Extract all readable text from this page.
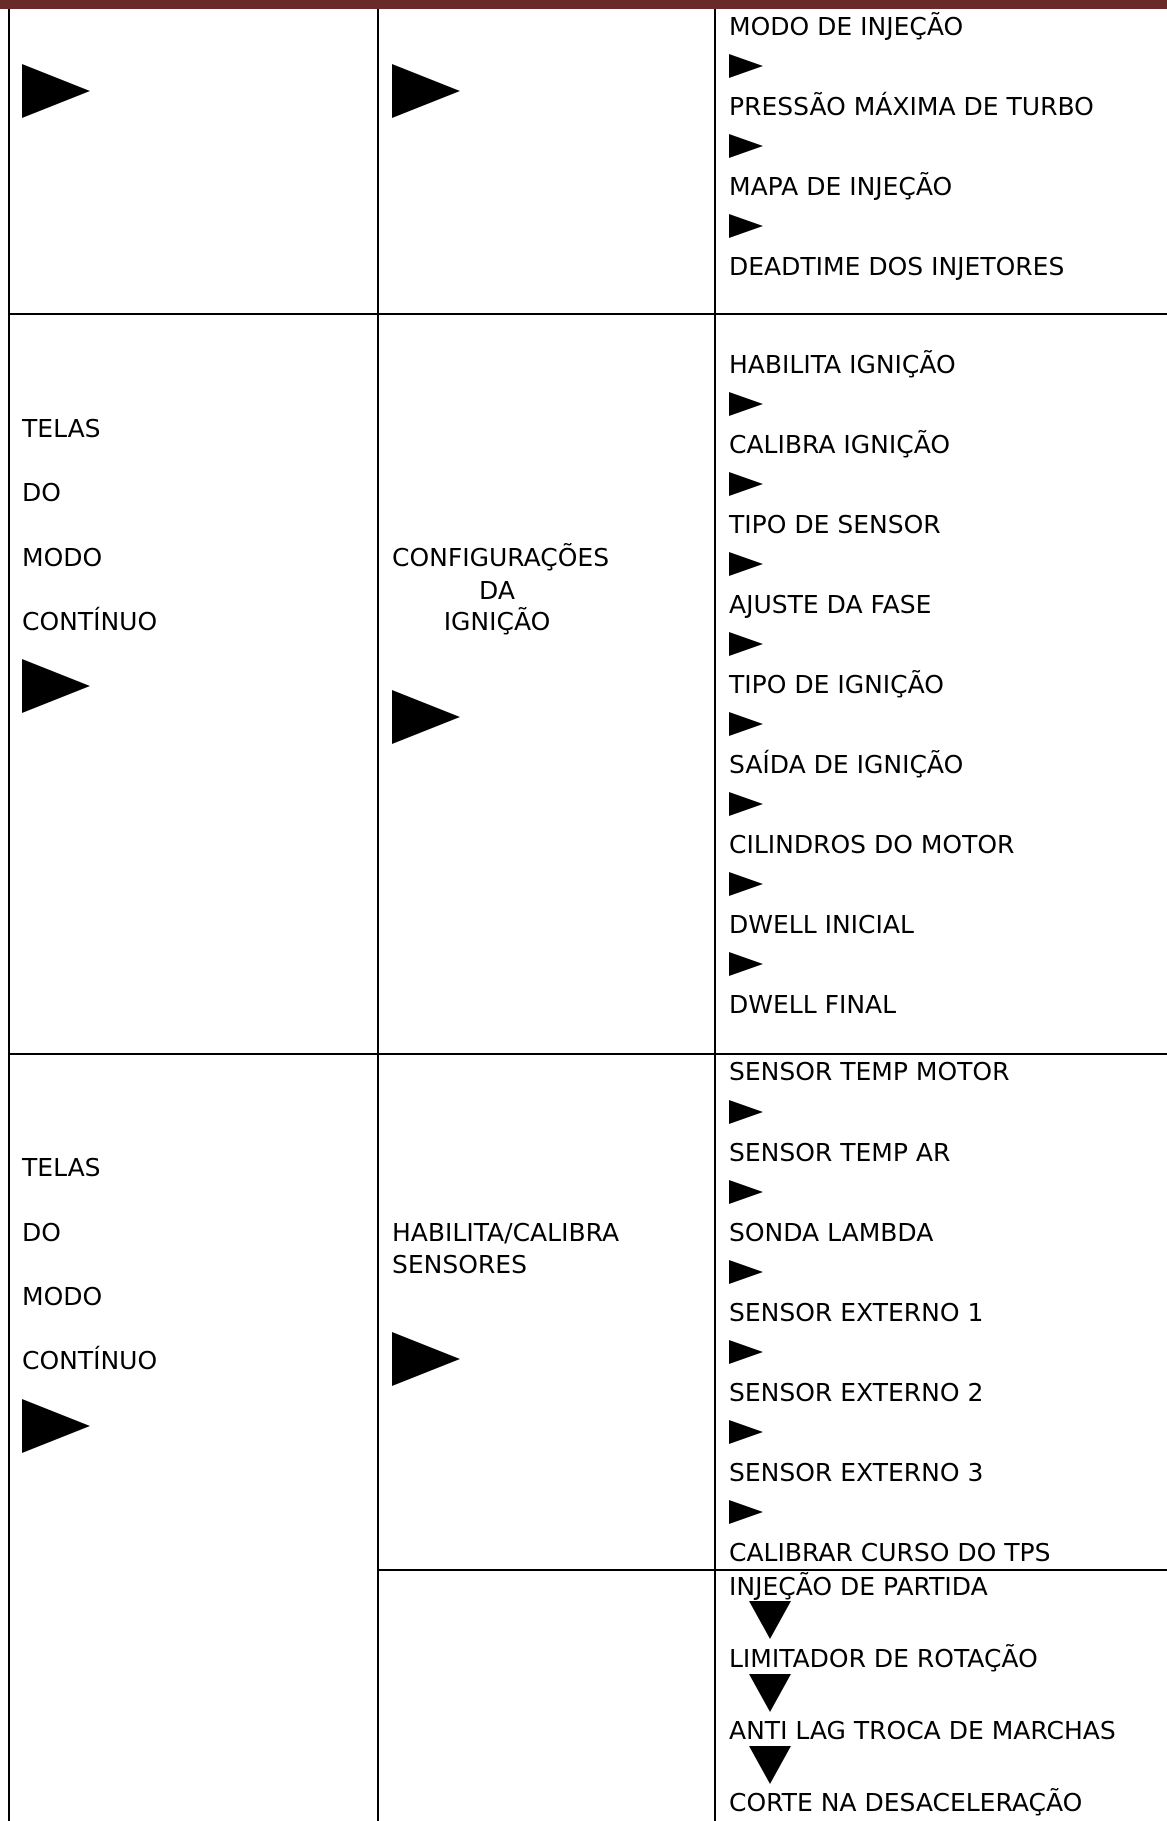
MODO DE INJEÇÃO
PRESSÃO MÁXIMA DE TURBO
MAPA DE INJEÇÃO
DEADTIME DOS INJETORES
TELAS
DO
MODO
CONTÍNUO
CONFIGURAÇÕES
DA
IGNIÇÃO
HABILITA IGNIÇÃO
CALIBRA IGNIÇÃO
TIPO DE SENSOR
AJUSTE DA FASE
TIPO DE IGNIÇÃO
SAÍDA DE IGNIÇÃO
CILINDROS DO MOTOR
DWELL INICIAL
DWELL FINAL
TELAS
DO
MODO
CONTÍNUO
HABILITA/CALIBRA
SENSORES
SENSOR TEMP MOTOR
SENSOR TEMP AR
SONDA LAMBDA
SENSOR EXTERNO 1
SENSOR EXTERNO 2
SENSOR EXTERNO 3
CALIBRAR CURSO DO TPS
INJEÇÃO DE PARTIDA
LIMITADOR DE ROTAÇÃO
ANTI LAG TROCA DE MARCHAS
CORTE NA DESACELERAÇÃO
